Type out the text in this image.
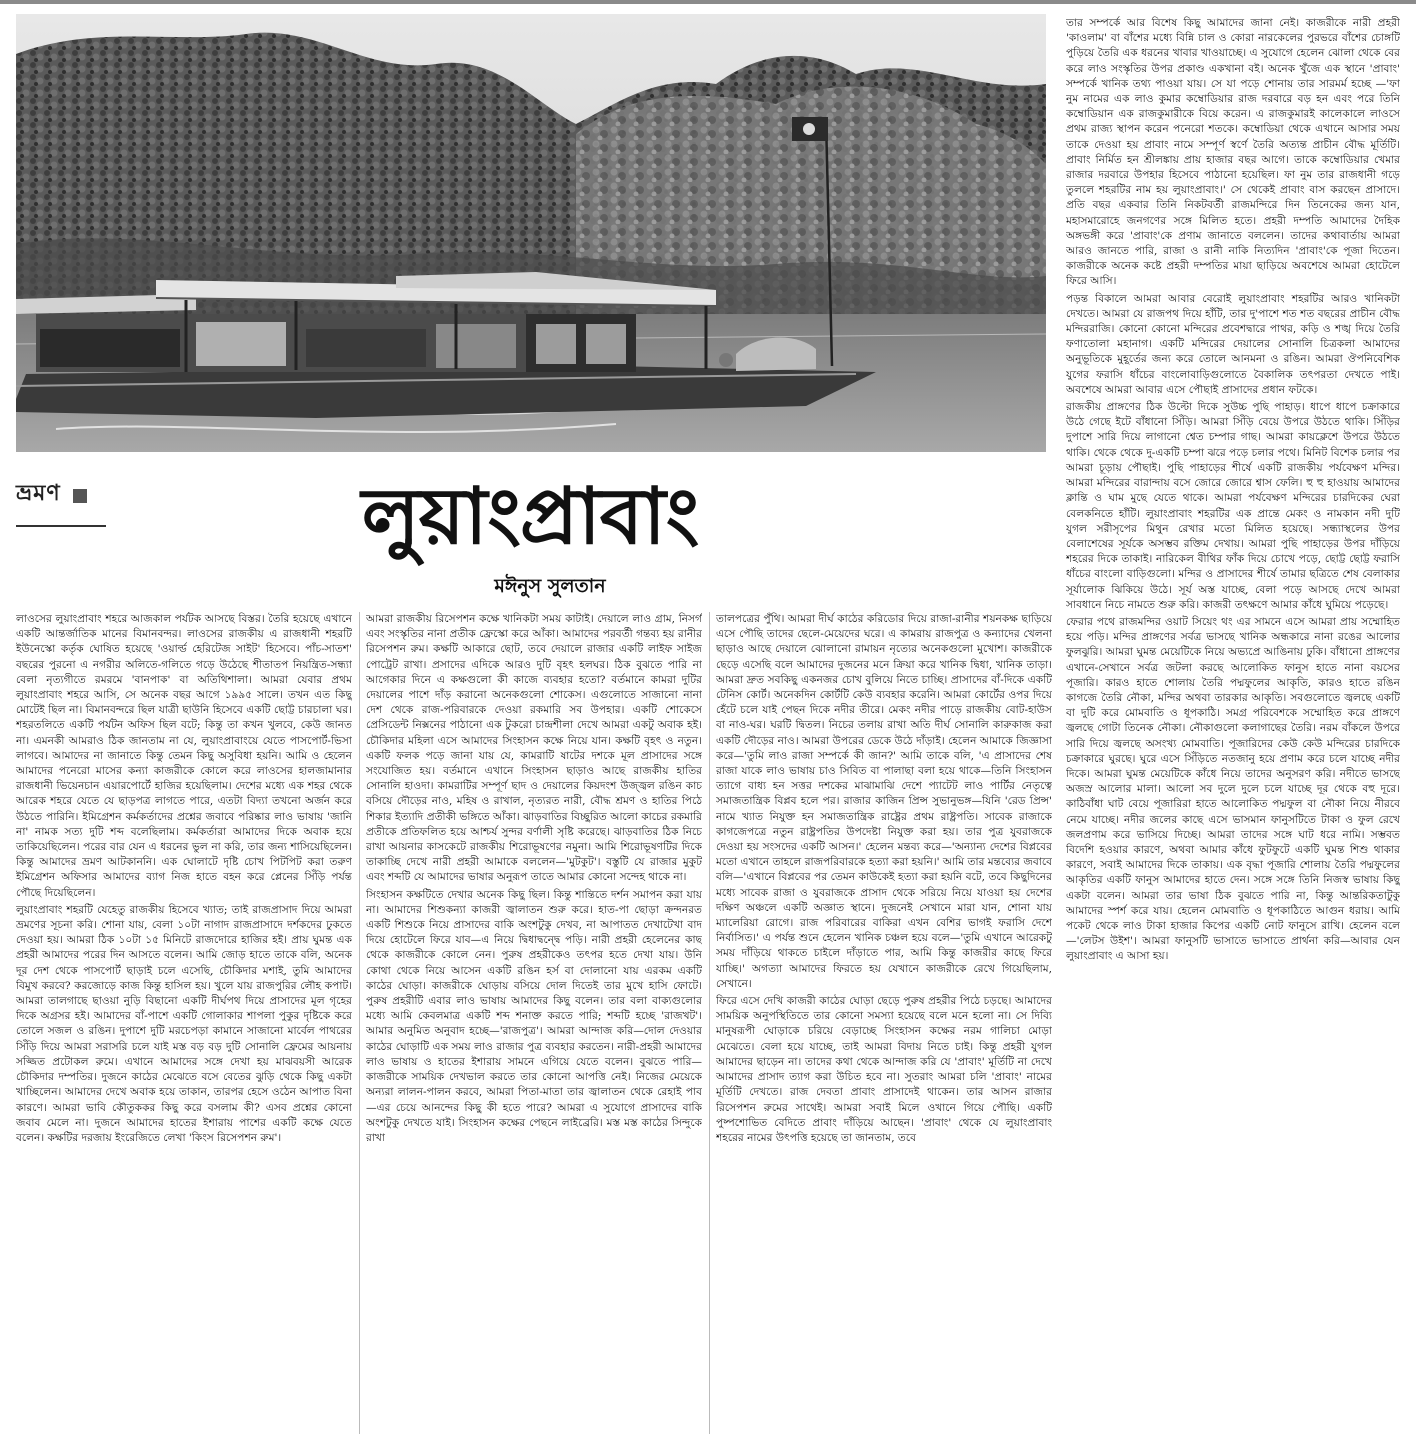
ভ্রমণ	লুয়াংপ্রাবাং
মঈনুস সুলতান

লাওসের লুয়াংপ্রাবাং শহরে আজকাল পর্যটক আসছে বিস্তর। তৈরি হয়েছে এখানে একটি আন্তর্জাতিক মানের বিমানবন্দর। লাওসের রাজকীয় এ রাজধানী শহরটি ইউনেস্কো কর্তৃক ঘোষিত হয়েছে 'ওয়ার্ল্ড হেরিটেজ সাইট' হিসেবে। পাঁচ-সাতশ' বছরের পুরনো এ নগরীর অলিতে-গলিতে গড়ে উঠেছে শীতাতপ নিয়ন্ত্রিত-সন্ধ্যা বেলা নৃত্যগীতে রমরমে 'বানপাক' বা অতিথিশালা। আমরা যেবার প্রথম লুয়াংপ্রাবাং শহরে আসি, সে অনেক বছর আগে ১৯৯৫ সালে। তখন এত কিছু মোটেই ছিল না। বিমানবন্দরে ছিল যাত্রী ছাউনি হিসেবে একটি ছোট্ট চারচালা ঘর। শহরতলিতে একটি পর্যটন অফিস ছিল বটে; কিন্তু তা কখন খুলবে, কেউ জানত না। এমনকী আমরাও ঠিক জানতাম না যে, লুয়াংপ্রাবাংয়ে যেতে পাসপোর্ট-ভিসা লাগবে। আমাদের না জানাতে কিন্তু তেমন কিছু অসুবিধা হয়নি। আমি ও হেলেন আমাদের পনেরো মাসের কন্যা কাজরীকে কোলে করে লাওসের হালজামানার রাজধানী ভিয়েনচান এয়ারপোর্টে হাজির হয়েছিলাম। দেশের মধ্যে এক শহর থেকে আরেক শহরে যেতে যে ছাড়পত্র লাগতে পারে, এতটা বিদ্যা তখনো অর্জন করে উঠতে পারিনি। ইমিগ্রেশন কর্মকর্তাদের প্রশ্নের জবাবে পরিষ্কার লাও ভাষায় 'জানি না' নামক সত্য দুটি শব্দ বলেছিলাম। কর্মকর্তারা আমাদের দিকে অবাক হয়ে তাকিয়েছিলেন। পরের বার যেন এ ধরনের ভুল না করি, তার জন্য শাসিয়েছিলেন। কিন্তু আমাদের ভ্রমণ আটকাননি। এক ঘোলাটে দৃষ্টি চোখ পিটপিট করা তরুণ ইমিগ্রেশন অফিসার আমাদের ব্যাগ নিজ হাতে বহন করে প্লেনের সিঁড়ি পর্যন্ত পৌছে দিয়েছিলেন।

লুয়াংপ্রাবাং শহরটি যেহেতু রাজকীয় হিসেবে খ্যাত; তাই রাজপ্রাসাদ দিয়ে আমরা ভ্রমণের সূচনা করি। শোনা যায়, বেলা ১০টা নাগাদ রাজপ্রাসাদে দর্শকদের ঢুকতে দেওয়া হয়। আমরা ঠিক ১০টা ১৫ মিনিটে রাজদোরে হাজির হই। প্রায় ঘুমন্ত এক প্রহরী আমাদের পরের দিন আসতে বলেন। আমি জোড় হাতে তাকে বলি, অনেক দূর দেশ থেকে পাসপোর্ট ছাড়াই চলে এসেছি, চৌকিদার মশাই, তুমি আমাদের বিমুখ করবে? করজোড়ে কাজ কিন্তু হাসিল হয়। খুলে যায় রাজপুরির লৌহ কপাট। আমরা তালগাছে ছাওয়া নুড়ি বিছানো একটি দীর্ঘপথ দিয়ে প্রাসাদের মূল গৃহের দিকে অগ্রসর হই। আমাদের বাঁ-পাশে একটি গোলাকার শাপলা পুকুর দৃষ্টিকে করে তোলে সজল ও রঙিন। দুপাশে দুটি মরচেপড়া কামানে সাজানো মার্বেল পাথরের সিঁড়ি দিয়ে আমরা সরাসরি চলে যাই মস্ত বড় বড় দুটি সোনালি ফ্রেমের আয়নায় সজ্জিত প্রটোকল রুমে। এখানে আমাদের সঙ্গে দেখা হয় মাঝবয়সী আরেক চৌকিদার দম্পতির। দুজনে কাঠের মেঝেতে বসে বেতের ঝুড়ি থেকে কিছু একটা খাচ্ছিলেন। আমাদের দেখে অবাক হয়ে তাকান, তারপর হেসে ওঠেন আপাত বিনা কারণে। আমরা ভাবি কৌতুককর কিছু করে বসলাম কী? এসব প্রশ্নের কোনো জবাব মেলে না। দুজনে আমাদের হাতের ইশারায় পাশের একটি কক্ষে যেতে বলেন। কক্ষটির দরজায় ইংরেজিতে লেখা 'কিংস রিসেপশন রুম'।

আমরা রাজকীয় রিসেপশন কক্ষে খানিকটা সময় কাটাই। দেয়ালে লাও গ্রাম, নিসর্গ এবং সংস্কৃতির নানা প্রতীক ফ্রেস্কো করে আঁকা। আমাদের পরবর্তী গন্তব্য হয় রানীর রিসেপশন রুম। কক্ষটি আকারে ছোট, তবে দেয়ালে রাজার একটি লাইফ সাইজ পোট্রেট রাখা। প্রসাদের এদিকে আরও দুটি বৃহৎ হলঘর। ঠিক বুঝতে পারি না আগেকার দিনে এ কক্ষগুলো কী কাজে ব্যবহার হতো? বর্তমানে কামরা দুটির দেয়ালের পাশে দাঁড় করানো অনেকগুলো শোকেস। এগুলোতে সাজানো নানা দেশ থেকে রাজ-পরিবারকে দেওয়া রকমারি সব উপহার। একটি শোকেসে প্রেসিডেন্ট নিক্সনের পাঠানো এক টুকরো চান্দ্রশীলা দেখে আমরা একটু অবাক হই। চৌকিদার মহিলা এসে আমাদের সিংহাসন কক্ষে নিয়ে যান। কক্ষটি বৃহৎ ও নতুন। একটি ফলক পড়ে জানা যায় যে, কামরাটি ষাটের দশকে মূল প্রাসাদের সঙ্গে সংযোজিত হয়। বর্তমানে এখানে সিংহাসন ছাড়াও আছে রাজকীয় হাতির সোনালি হাওদা। কামরাটির সম্পূর্ণ ছাদ ও দেয়ালের কিয়দংশ উজ্জ্বল রঙিন কাচ বসিয়ে দৌড়ের নাও, মহিষ ও রাখাল, নৃত্যরত নারী, বৌদ্ধ শ্রমণ ও হাতির পিঠে শিকার ইত্যাদি প্রতীকী ভঙ্গিতে আঁকা। ঝাড়বাতির বিচ্ছুরিত আলো কাচের রকমারি প্রতীকে প্রতিফলিত হয়ে আশ্চর্য সুন্দর বর্ণালী সৃষ্টি করেছে। ঝাড়বাতির ঠিক নিচে রাখা আয়নার কাসকেটে রাজকীয় শিরোভূষণের নমুনা। আমি শিরোভূষণটির দিকে তাকাচ্ছি দেখে নারী প্রহরী আমাকে বললেন—'মুটকুট'। বস্তুটি যে রাজার মুকুট এবং শব্দটি যে আমাদের ভাষার অনুরূপ তাতে আমার কোনো সন্দেহ থাকে না।

সিংহাসন কক্ষটিতে দেখার অনেক কিছু ছিল। কিন্তু শান্তিতে দর্শন সমাপন করা যায় না। আমাদের শিশুকন্যা কাজরী জ্বালাতন শুরু করে। হাত-পা ছোড়া ক্রন্দনরত একটি শিশুকে নিয়ে প্রাসাদের বাকি অংশটুকু দেখব, না আপাতত দেখাটেখা বাদ দিয়ে হোটেলে ফিরে যাব—এ নিয়ে দ্বিধাদ্বন্দ্বে পড়ি। নারী প্রহরী হেলেনের কাছ থেকে কাজরীকে কোলে নেন। পুরুষ প্রহরীকেও তৎপর হতে দেখা যায়। উনি কোথা থেকে নিয়ে আসেন একটি রঙিন হর্স বা দোলানো যায় এরকম একটি কাঠের ঘোড়া। কাজরীকে ঘোড়ায় বসিয়ে দোল দিতেই তার মুখে হাসি ফোটে। পুরুষ প্রহরীটি এবার লাও ভাষায় আমাদের কিছু বলেন। তার বলা বাক্যগুলোর মধ্যে আমি কেবলমাত্র একটি শব্দ শনাক্ত করতে পারি; শব্দটি হচ্ছে 'রাজখট'। আমার অনুমিত অনুবাদ হচ্ছে—'রাজপুত্র'। আমরা আন্দাজ করি—দোল দেওয়ার কাঠের ঘোড়াটি এক সময় লাও রাজার পুত্র ব্যবহার করতেন। নারী-প্রহরী আমাদের লাও ভাষায় ও হাতের ইশারায় সামনে এগিয়ে যেতে বলেন। বুঝতে পারি—কাজরীকে সাময়িক দেখভাল করতে তার কোনো আপত্তি নেই। নিজের মেয়েকে অন্যরা লালন-পালন করবে, আমরা পিতা-মাতা তার জ্বালাতন থেকে রেহাই পাব—এর চেয়ে আনন্দের কিছু কী হতে পারে? আমরা এ সুযোগে প্রাসাদের বাকি অংশটুকু দেখতে যাই। সিংহাসন কক্ষের পেছনে লাইব্রেরি। মস্ত মস্ত কাঠের সিন্দুকে রাখা

তালপত্রের পুঁথি। আমরা দীর্ঘ কাঠের করিডোর দিয়ে রাজা-রানীর শয়নকক্ষ ছাড়িয়ে এসে পৌছি তাদের ছেলে-মেয়েদের ঘরে। এ কামরায় রাজপুত্র ও কন্যাদের খেলনা ছাড়াও আছে দেয়ালে ঝোলানো রামায়ন নৃত্যের অনেকগুলো মুখোশ। কাজরীকে ছেড়ে এসেছি বলে আমাদের দুজনের মনে ক্রিয়া করে খানিক দ্বিধা, খানিক তাড়া। আমরা দ্রুত সবকিছু একনজর চোখ বুলিয়ে নিতে চাচ্ছি। প্রাসাদের বাঁ-দিকে একটি টেনিস কোর্ট। অনেকদিন কোর্টটি কেউ ব্যবহার করেনি। আমরা কোর্টের ওপর দিয়ে হেঁটে চলে যাই পেছন দিকে নদীর তীরে। মেকং নদীর পাড়ে রাজকীয় বোট-হাউস বা নাও-ঘর। ঘরটি দ্বিতল। নিচের তলায় রাখা অতি দীর্ঘ সোনালি কারুকাজ করা একটি দৌড়ের নাও। আমরা উপরের ডেকে উঠে দাঁড়াই। হেলেন আমাকে জিজ্ঞাসা করে—'তুমি লাও রাজা সম্পর্কে কী জান?' আমি তাকে বলি, 'এ প্রাসাদের শেষ রাজা যাকে লাও ভাষায় চাও সিবিত বা পালাছা বলা হয়ে থাকে—তিনি সিংহাসন ত্যাগে বাধ্য হন সত্তর দশকের মাঝামাঝি দেশে প্যাটেট লাও পার্টির নেতৃত্বে সমাজতান্ত্রিক বিপ্লব হলে পর। রাজার কাজিন প্রিন্স সুভানুভঙ্গ—যিনি 'রেড প্রিন্স' নামে খ্যাত নিযুক্ত হন সমাজতান্ত্রিক রাষ্ট্রের প্রথম রাষ্ট্রপতি। সাবেক রাজাকে কাগজেপত্রে নতুন রাষ্ট্রপতির উপদেষ্টা নিযুক্ত করা হয়। তার পুত্র যুবরাজকে দেওয়া হয় সংসদের একটি আসন।' হেলেন মন্তব্য করে—'অন্যান্য দেশের বিপ্লবের মতো এখানে তাহলে রাজপরিবারকে হত্যা করা হয়নি।' আমি তার মন্তব্যের জবাবে বলি—'এখানে বিপ্লবের পর তেমন কাউকেই হত্যা করা হয়নি বটে, তবে কিছুদিনের মধ্যে সাবেক রাজা ও যুবরাজকে প্রাসাদ থেকে সরিয়ে নিয়ে যাওয়া হয় দেশের দক্ষিণ অঞ্চলে একটি অজ্ঞাত স্থানে। দুজনেই সেখানে মারা যান, শোনা যায় ম্যালেরিয়া রোগে। রাজ পরিবারের বাকিরা এখন বেশির ভাগই ফরাসি দেশে নির্বাসিত।' এ পর্যন্ত শুনে হেলেন খানিক চঞ্চল হয়ে বলে—'তুমি এখানে আরেকটু সময় দাঁড়িয়ে থাকতে চাইলে দাঁড়াতে পার, আমি কিন্তু কাজরীর কাছে ফিরে যাচ্ছি।' অগত্যা আমাদের ফিরতে হয় যেখানে কাজরীকে রেখে গিয়েছিলাম, সেখানে।

ফিরে এসে দেখি কাজরী কাঠের ঘোড়া ছেড়ে পুরুষ প্রহরীর পিঠে চড়ছে। আমাদের সাময়িক অনুপস্থিতিতে তার কোনো সমস্যা হয়েছে বলে মনে হলো না। সে দিব্যি মানুষরূপী ঘোড়াকে চরিয়ে বেড়াচ্ছে সিংহাসন কক্ষের নরম গালিচা মোড়া মেঝেতে। বেলা হয়ে যাচ্ছে, তাই আমরা বিদায় নিতে চাই। কিন্তু প্রহরী যুগল আমাদের ছাড়েন না। তাদের কথা থেকে আন্দাজ করি যে 'প্রাবাং' মূর্তিটি না দেখে আমাদের প্রাসাদ ত্যাগ করা উচিত হবে না। সুতরাং আমরা চলি 'প্রাবাং' নামের মূর্তিটি দেখতে। রাজ দেবতা প্রাবাং প্রাসাদেই থাকেন। তার আসন রাজার রিসেপশন রুমের সাথেই। আমরা সবাই মিলে ওখানে গিয়ে পৌছি। একটি পুষ্পশোভিত বেদিতে প্রাবাং দাঁড়িয়ে আছেন। 'প্রাবাং' থেকে যে লুয়াংপ্রাবাং শহরের নামের উৎপত্তি হয়েছে তা জানতাম, তবে

তার সম্পর্কে আর বিশেষ কিছু আমাদের জানা নেই। কাজরীকে নারী প্রহরী 'কাওলাম' বা বাঁশের মধ্যে বিন্নি চাল ও কোরা নারকেলের পুরভরে বাঁশের চোঙ্গটি পুড়িয়ে তৈরি এক ধরনের খাবার খাওয়াচ্ছে। এ সুযোগে হেলেন ঝোলা থেকে বের করে লাও সংস্কৃতির উপর প্রকাণ্ড একখানা বই। অনেক খুঁজে এক স্থানে 'প্রাবাং' সম্পর্কে খানিক তথ্য পাওয়া যায়। সে যা পড়ে শোনায় তার সারমর্ম হচ্ছে —'ফা নুম নামের এক লাও কুমার কম্বোডিয়ার রাজ দরবারে বড় হন এবং পরে তিনি কম্বোডিয়ান এক রাজকুমারীকে বিয়ে করেন। এ রাজকুমারই কালেকালে লাওসে প্রথম রাজ্য স্থাপন করেন পনেরো শতকে। কম্বোডিয়া থেকে এখানে আসার সময় তাকে দেওয়া হয় প্রাবাং নামে সম্পূর্ণ স্বর্ণে তৈরি অত্যন্ত প্রাচীন বৌদ্ধ মূর্তিটি। প্রাবাং নির্মিত হন শ্রীলঙ্কায় প্রায় হাজার বছর আগে। তাকে কম্বোডিয়ার খেমার রাজার দরবারে উপহার হিসেবে পাঠানো হয়েছিল। ফা নুম তার রাজধানী গড়ে তুললে শহরটির নাম হয় লুয়াংপ্রাবাং।' সে থেকেই প্রাবাং বাস করছেন প্রাসাদে। প্রতি বছর একবার তিনি নিকটবর্তী রাজমন্দিরে দিন তিনেকের জন্য যান, মহাসমারোহে জনগণের সঙ্গে মিলিত হতে। প্রহরী দম্পতি আমাদের দৈহিক অঙ্গভঙ্গী করে 'প্রাবাং'কে প্রণাম জানাতে বললেন। তাদের কথাবার্তায় আমরা আরও জানতে পারি, রাজা ও রানী নাকি নিত্যদিন 'প্রাবাং'কে পূজা দিতেন। কাজরীকে অনেক কষ্টে প্রহরী দম্পতির মায়া ছাড়িয়ে অবশেষে আমরা হোটেলে ফিরে আসি।

পড়ন্ত বিকালে আমরা আবার বেরোই লুয়াংপ্রাবাং শহরটির আরও খানিকটা দেখতে। আমরা যে রাজপথ দিয়ে হাঁটি, তার দু'পাশে শত শত বছরের প্রাচীন বৌদ্ধ মন্দিররাজি। কোনো কোনো মন্দিরের প্রবেশদ্বারে পাথর, কড়ি ও শঙ্খ দিয়ে তৈরি ফণাতোলা মহানাগ। একটি মন্দিরের দেয়ালের সোনালি চিত্রকলা আমাদের অনুভূতিকে মুহূর্তের জন্য করে তোলে আনমনা ও রঙিন। আমরা ঔপনিবেশিক যুগের ফরাসি ধাঁচের বাংলোবাড়িগুলোতে বৈকালিক তৎপরতা দেখতে পাই। অবশেষে আমরা আবার এসে পৌছাই প্রাসাদের প্রধান ফটকে।

রাজকীয় প্রাঙ্গণের ঠিক উল্টো দিকে সুউচ্চ পুছি পাহাড়। ধাপে ধাপে চক্রাকারে উঠে গেছে ইটে বাঁধানো সিঁড়ি। আমরা সিঁড়ি বেয়ে উপরে উঠতে থাকি। সিঁড়ির দুপাশে সারি দিয়ে লাগানো শ্বেত চম্পার গাছ। আমরা কায়ক্লেশে উপরে উঠতে থাকি। থেকে থেকে দু-একটি চম্পা ঝরে পড়ে চলার পথে। মিনিট বিশেক চলার পর আমরা চূড়ায় পৌছাই। পুছি পাহাড়ের শীর্ষে একটি রাজকীয় পর্যবেক্ষণ মন্দির। আমরা মন্দিরের বারান্দায় বসে জোরে জোরে শ্বাস ফেলি। হু হু হাওয়ায় আমাদের ক্লান্তি ও ঘাম মুছে যেতে থাকে। আমরা পর্যবেক্ষণ মন্দিরের চারদিকের ঘেরা বেলকনিতে হাঁটি। লুয়াংপ্রাবাং শহরটির এক প্রান্তে মেকং ও নামকান নদী দুটি যুগল সরীসৃপের মিথুন রেখার মতো মিলিত হয়েছে। সন্ধ্যাস্থলের উপর বেলাশেষের সূর্যকে অসম্ভব রক্তিম দেখায়। আমরা পুছি পাহাড়ের উপর দাঁড়িয়ে শহরের দিকে তাকাই। নারিকেল বীথির ফাঁক দিয়ে চোখে পড়ে, ছোট্ট ছোট্ট ফরাসি ধাঁচের বাংলো বাড়িগুলো। মন্দির ও প্রাসাদের শীর্ষে তামার ছত্রিতে শেষ বেলাকার সূর্যালোক ঝিকিয়ে উঠে। সূর্য অস্ত যাচ্ছে, বেলা পড়ে আসছে দেখে আমরা সাবধানে নিচে নামতে শুরু করি। কাজরী তৎক্ষণে আমার কাঁধে ঘুমিয়ে পড়েছে।

ফেরার পথে রাজমন্দির ওয়াট সিয়েং থং এর সামনে এসে আমরা প্রায় সম্মোহিত হয়ে পড়ি। মন্দির প্রাঙ্গণের সর্বত্র ভাসছে খানিক অন্ধকারে নানা রঙের আলোর ফুলঝুরি। আমরা ঘুমন্ত মেয়েটিকে নিয়ে অভ্যপ্রে আঙিনায় ঢুকি। বাঁধানো প্রাঙ্গণের এখানে-সেখানে সর্বত্র জটলা করছে আলোকিত ফানুস হাতে নানা বয়সের পূজারি। কারও হাতে শোলায় তৈরি পদ্মফুলের আকৃতি, কারও হাতে রঙিন কাগজে তৈরি নৌকা, মন্দির অথবা তারকার আকৃতি। সবগুলোতে জ্বলছে একটি বা দুটি করে মোমবাতি ও ধূপকাঠি। সমগ্র পরিবেশকে সম্মোহিত করে প্রাঙ্গণে জ্বলছে গোটা তিনেক নৌকা। নৌকাগুলো কলাগাছের তৈরি। নরম বাঁকলে উপরে সারি দিয়ে জ্বলছে অসংখ্য মোমবাতি। পূজারিদের কেউ কেউ মন্দিরের চারদিকে চক্রাকারে ঘুরছে। ঘুরে এসে সিঁড়িতে নতজানু হয়ে প্রণাম করে চলে যাচ্ছে নদীর দিকে। আমরা ঘুমন্ত মেয়েটিকে কাঁধে নিয়ে তাদের অনুসরণ করি। নদীতে ভাসছে অজস্র আলোর মালা। আলো সব দুলে দুলে চলে যাচ্ছে দূর থেকে বহু দূরে। কাঠিবাঁধা ঘাট বেয়ে পূজারিরা হাতে আলোকিত পদ্মফুল বা নৌকা নিয়ে নীরবে নেমে যাচ্ছে। নদীর জলের কাছে এসে ভাসমান ফানুসটিতে টাকা ও ফুল রেখে জলপ্রণাম করে ভাসিয়ে দিচ্ছে। আমরা তাদের সঙ্গে ঘাট ধরে নামি। সম্ভবত বিদেশি হওয়ার কারণে, অথবা আমার কাঁধে ফুটফুটে একটি ঘুমন্ত শিশু থাকার কারণে, সবাই আমাদের দিকে তাকায়। এক বৃদ্ধা পূজারি শোলায় তৈরি পদ্মফুলের আকৃতির একটি ফানুস আমাদের হাতে দেন। সঙ্গে সঙ্গে তিনি নিজস্ব ভাষায় কিছু একটা বলেন। আমরা তার ভাষা ঠিক বুঝতে পারি না, কিন্তু আন্তরিকতাটুকু আমাদের স্পর্শ করে যায়। হেলেন মোমবাতি ও ধূপকাঠিতে আগুন ধরায়। আমি পকেট থেকে লাও টাকা হাজার কিপের একটি নোট ফানুসে রাখি। হেলেন বলে—'লেটস উইশ'। আমরা ফানুসটি ভাসাতে ভাসাতে প্রার্থনা করি—আবার যেন লুয়াংপ্রাবাং এ আসা হয়।
